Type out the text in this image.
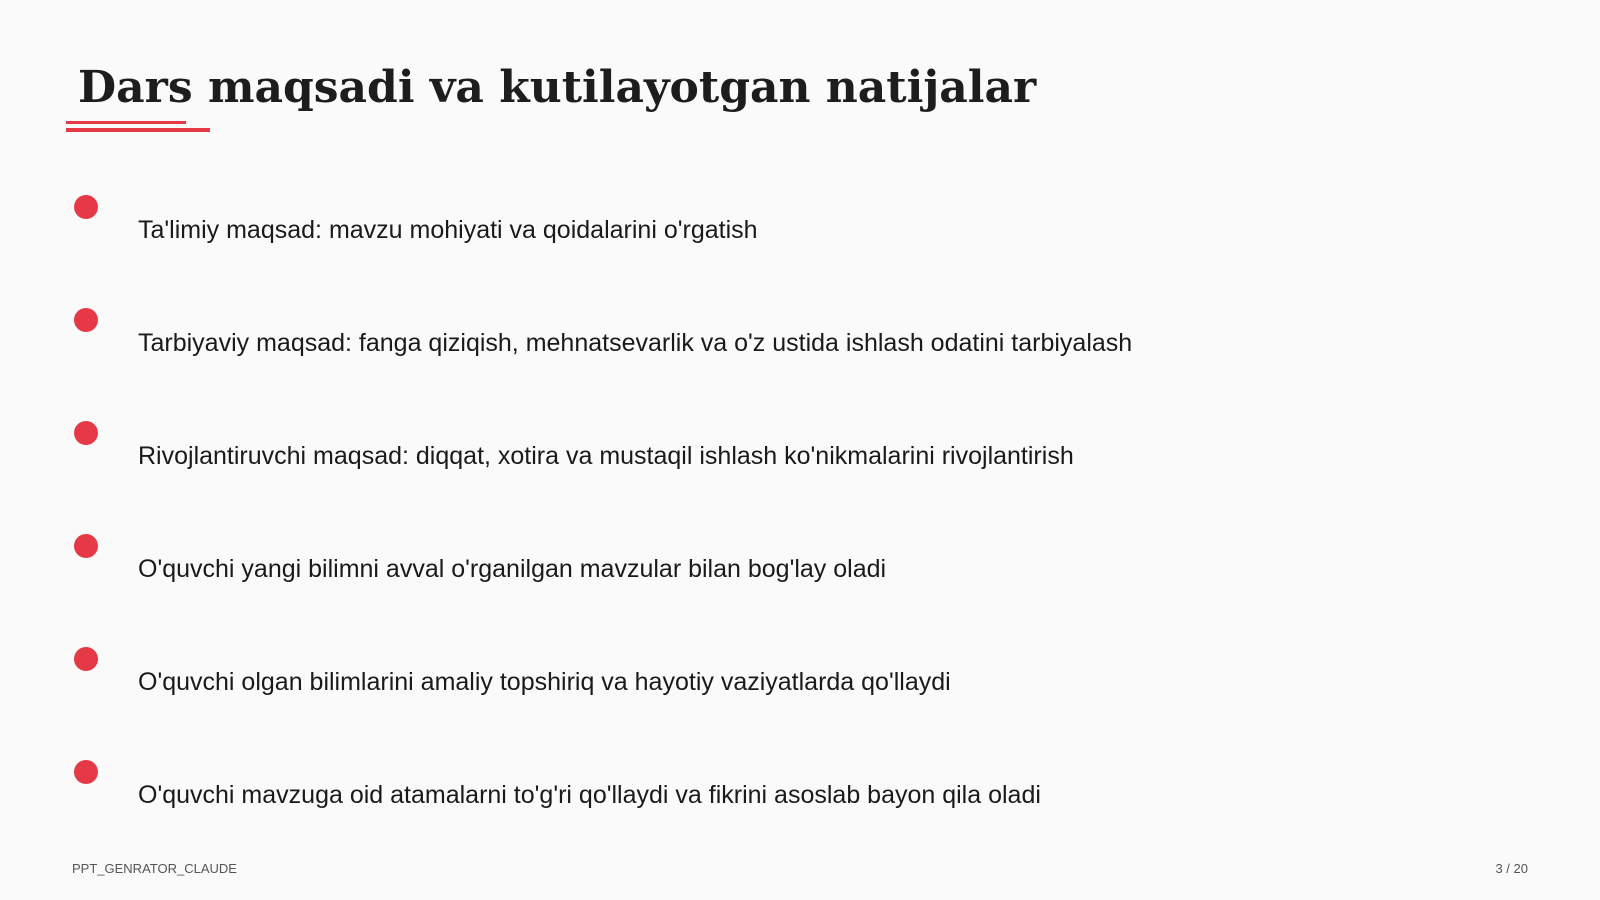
Dars maqsadi va kutilayotgan natijalar
Ta'limiy maqsad: mavzu mohiyati va qoidalarini o'rgatish
Tarbiyaviy maqsad: fanga qiziqish, mehnatsevarlik va o'z ustida ishlash odatini tarbiyalash
Rivojlantiruvchi maqsad: diqqat, xotira va mustaqil ishlash ko'nikmalarini rivojlantirish
O'quvchi yangi bilimni avval o'rganilgan mavzular bilan bog'lay oladi
O'quvchi olgan bilimlarini amaliy topshiriq va hayotiy vaziyatlarda qo'llaydi
O'quvchi mavzuga oid atamalarni to'g'ri qo'llaydi va fikrini asoslab bayon qila oladi
PPT_GENRATOR_CLAUDE	3 / 20
